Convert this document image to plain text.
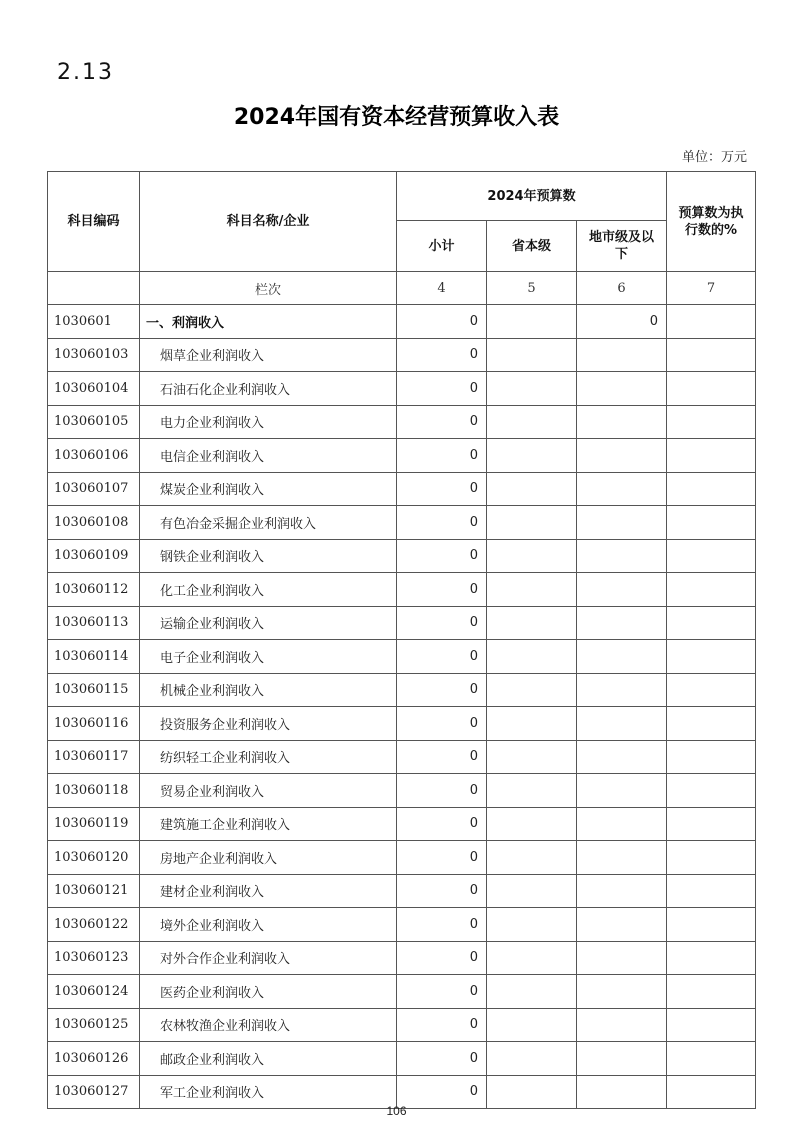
2.13
2024年国有资本经营预算收入表
单位：万元
科目编码	科目名称/企业	2024年预算数			预算数为执行数的%
		小计	省本级	地市级及以下	
	栏次	4	5	6	7
1030601	一、利润收入	0		0	
103060103	烟草企业利润收入	0			
103060104	石油石化企业利润收入	0			
103060105	电力企业利润收入	0			
103060106	电信企业利润收入	0			
103060107	煤炭企业利润收入	0			
103060108	有色冶金采掘企业利润收入	0			
103060109	钢铁企业利润收入	0			
103060112	化工企业利润收入	0			
103060113	运输企业利润收入	0			
103060114	电子企业利润收入	0			
103060115	机械企业利润收入	0			
103060116	投资服务企业利润收入	0			
103060117	纺织轻工企业利润收入	0			
103060118	贸易企业利润收入	0			
103060119	建筑施工企业利润收入	0			
103060120	房地产企业利润收入	0			
103060121	建材企业利润收入	0			
103060122	境外企业利润收入	0			
103060123	对外合作企业利润收入	0			
103060124	医药企业利润收入	0			
103060125	农林牧渔企业利润收入	0			
103060126	邮政企业利润收入	0			
103060127	军工企业利润收入	0			
106
